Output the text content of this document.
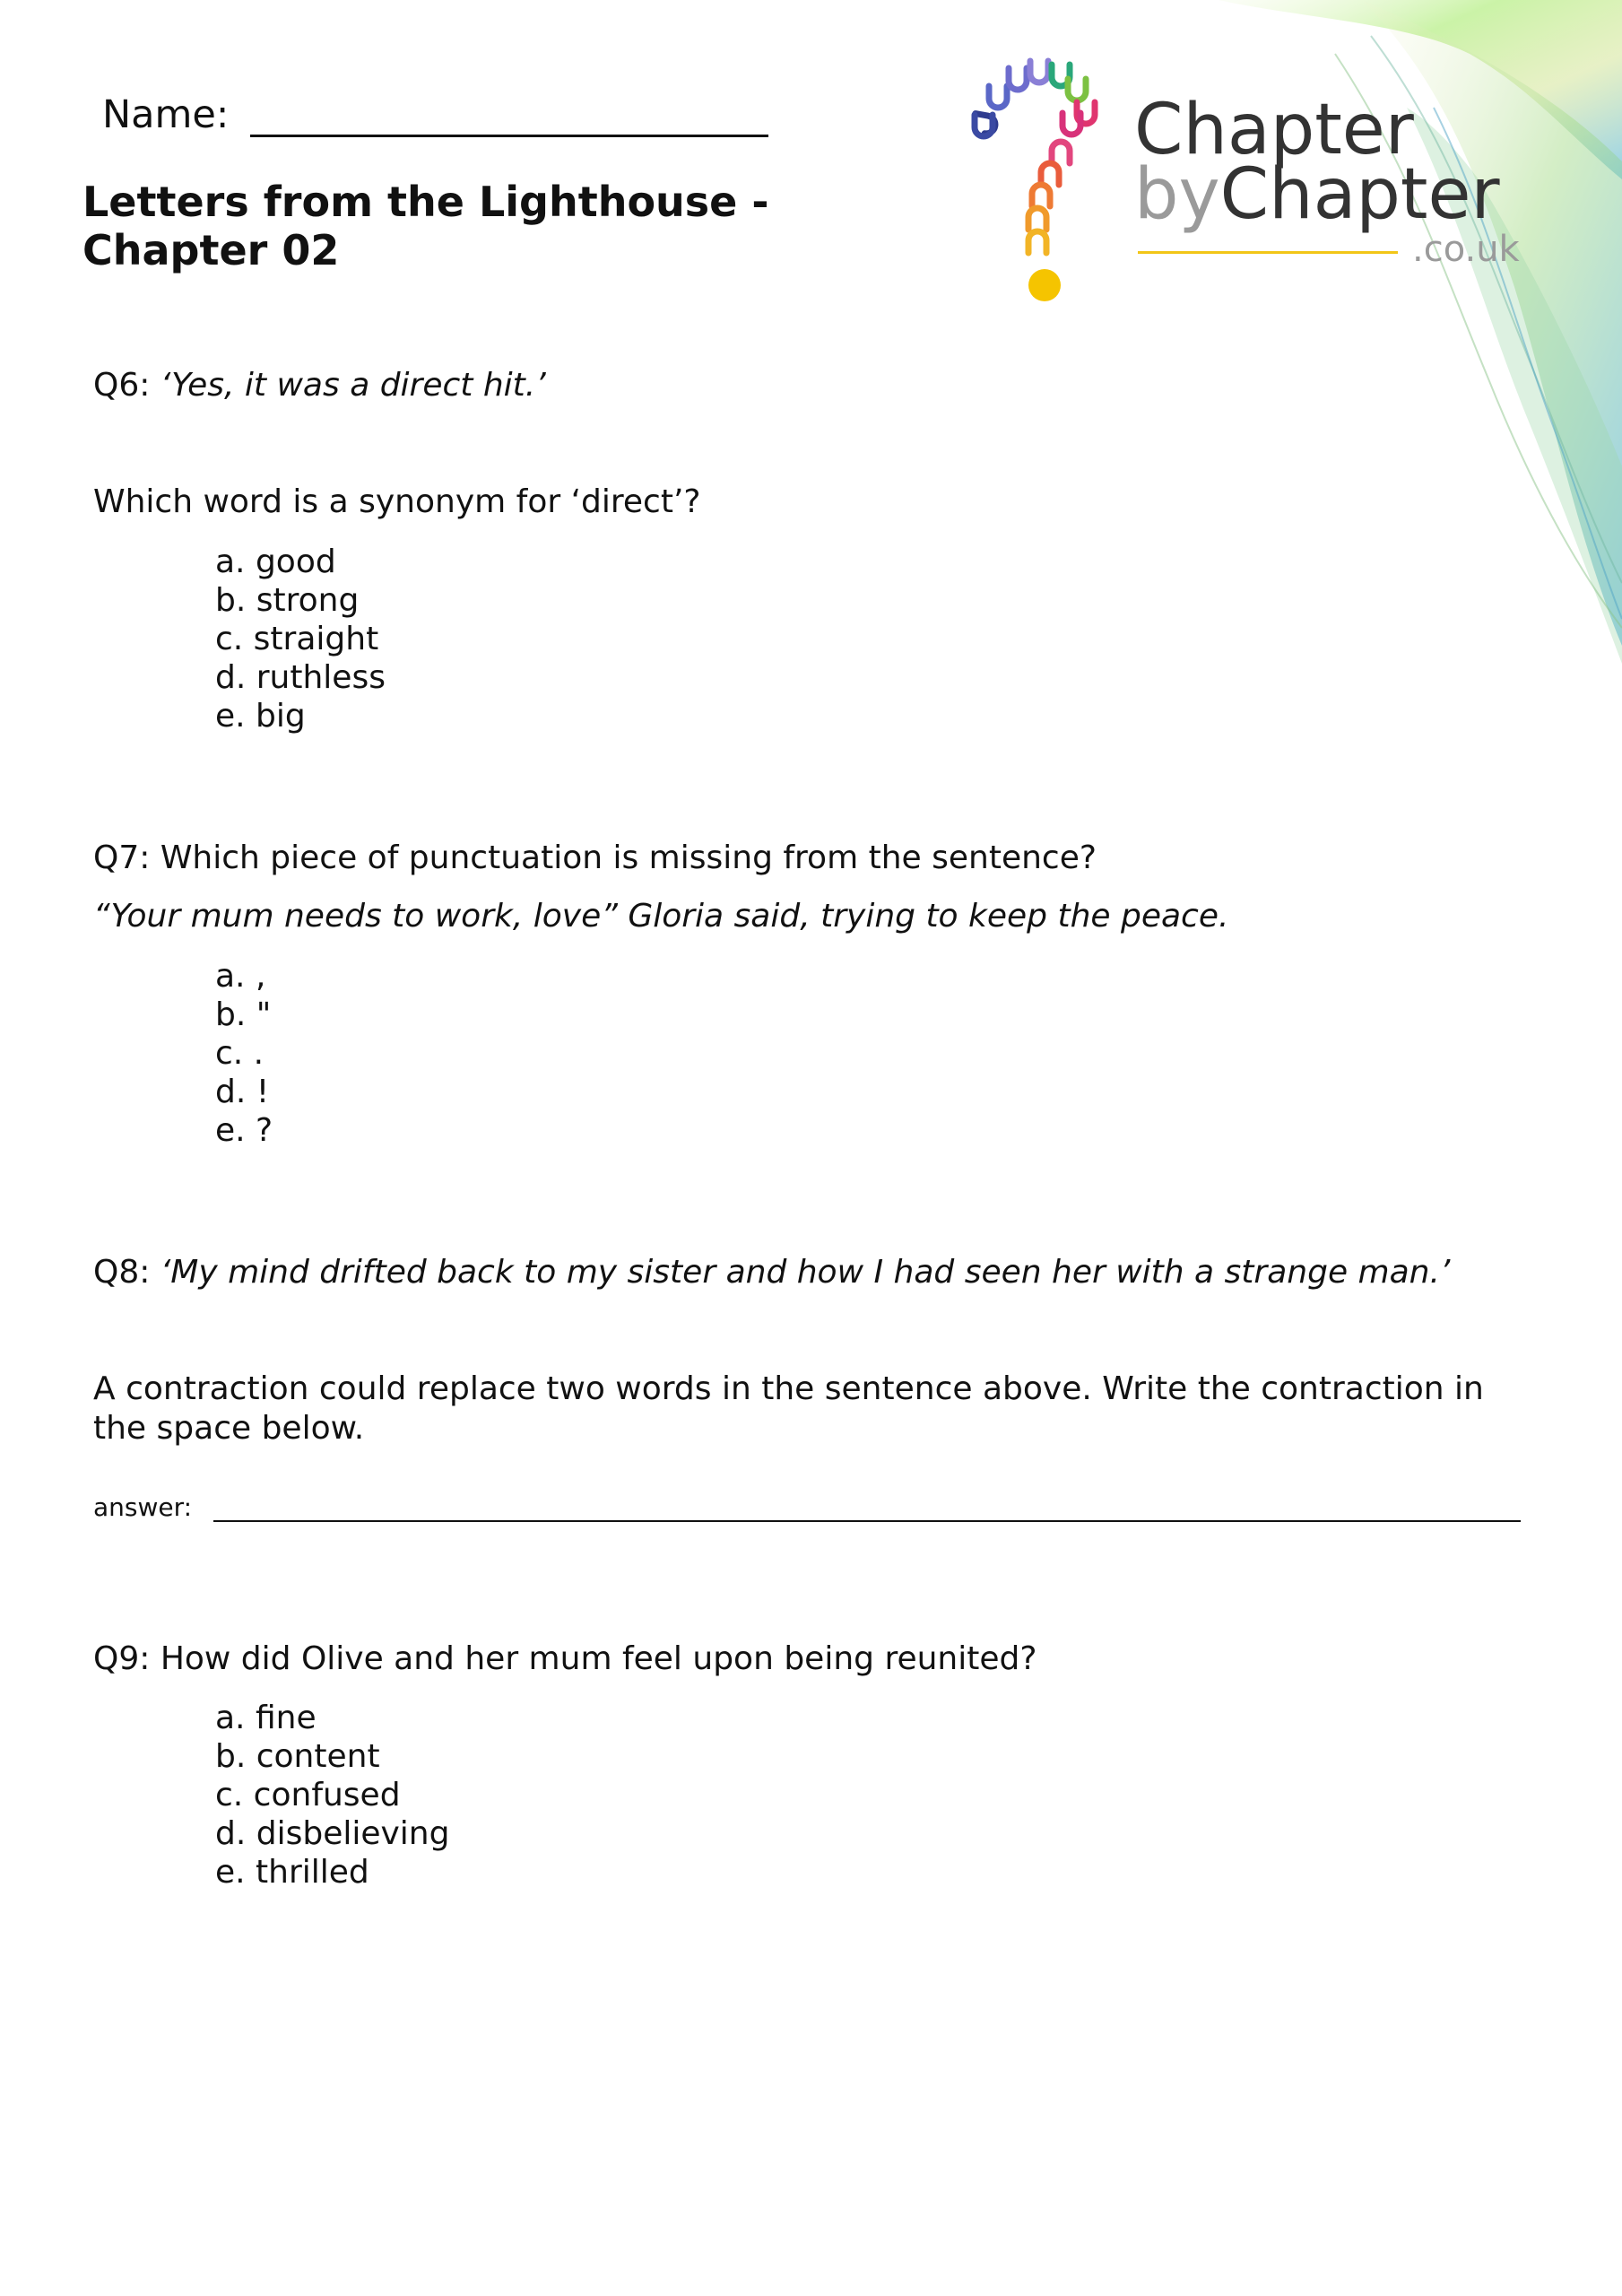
Name:
Letters from the Lighthouse - Chapter 02
Chapter
byChapter
.co.uk

Q6: ‘Yes, it was a direct hit.’

Which word is a synonym for ‘direct’?

a. good
b. strong
c. straight
d. ruthless
e. big

Q7: Which piece of punctuation is missing from the sentence?

“Your mum needs to work, love” Gloria said, trying to keep the peace.

a. ,
b. "
c. .
d. !
e. ?

Q8: ‘My mind drifted back to my sister and how I had seen her with a strange man.’

A contraction could replace two words in the sentence above. Write the contraction in the space below.

answer:

Q9: How did Olive and her mum feel upon being reunited?

a. fine
b. content
c. confused
d. disbelieving
e. thrilled
